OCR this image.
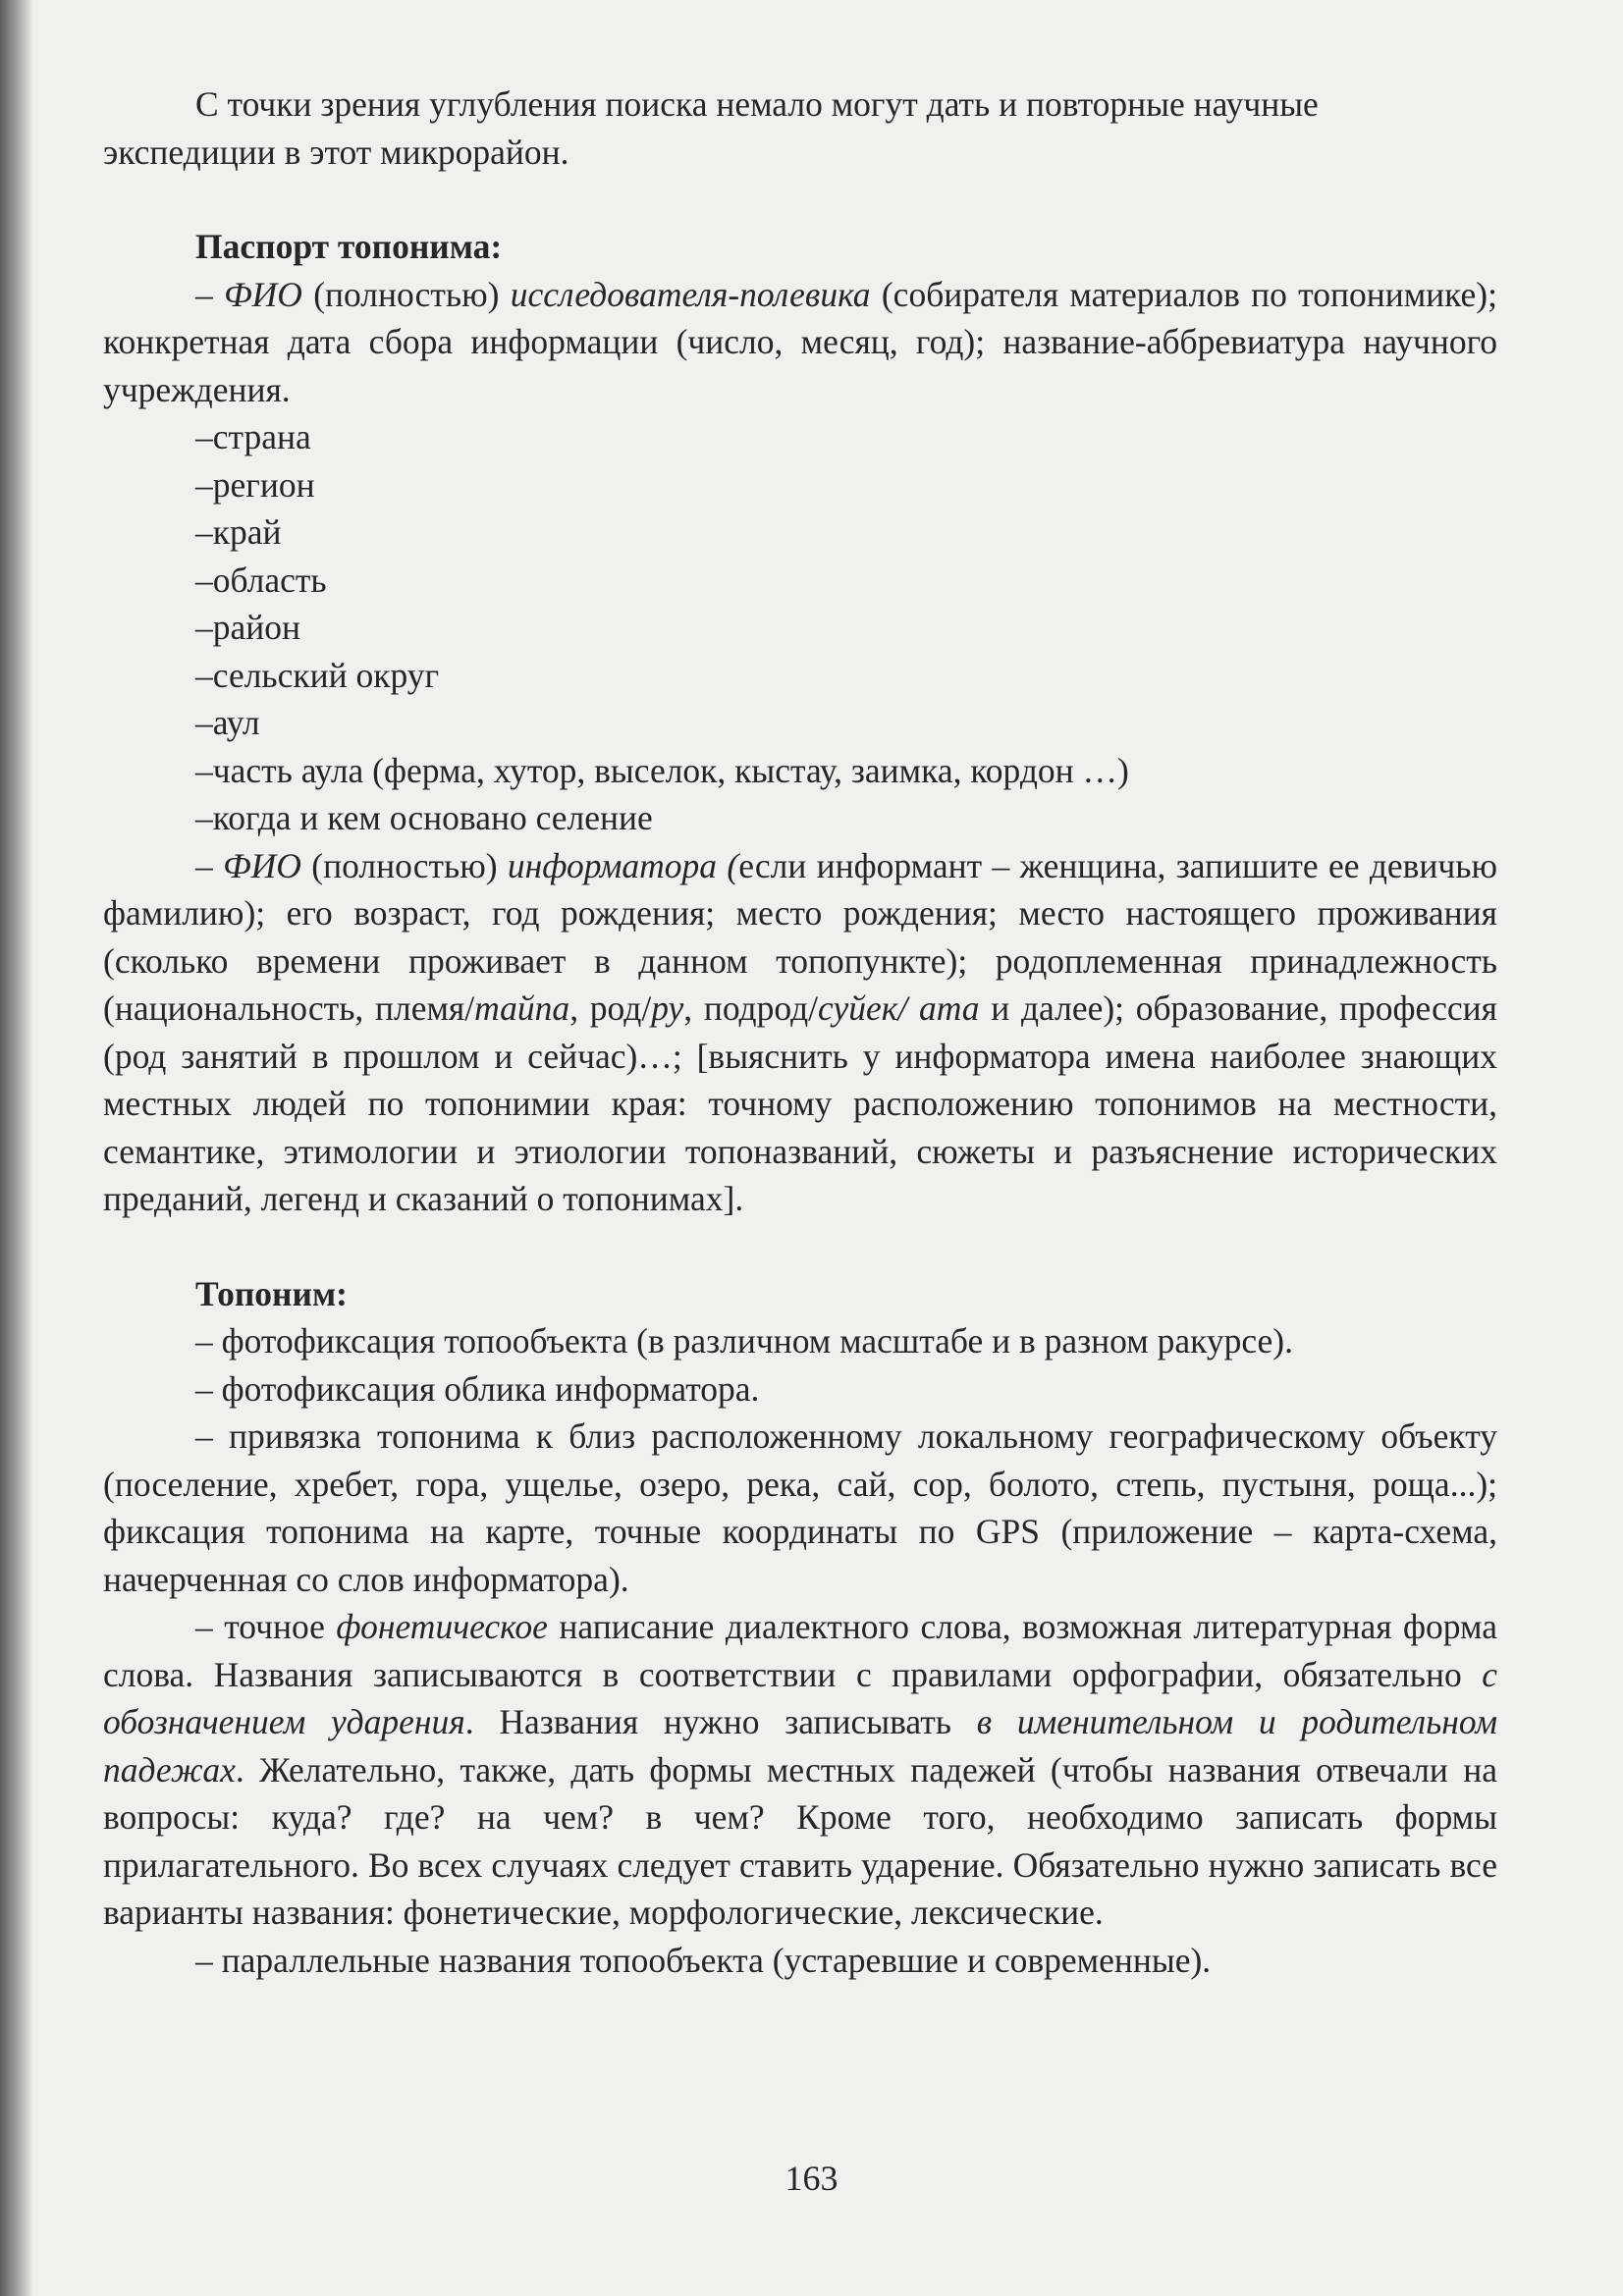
С точки зрения углубления поиска немало могут дать и повторные научные
экспедиции в этот микрорайон.

Паспорт топонима:

– ФИО (полностью) исследователя-полевика (собирателя материалов по топонимике); конкретная дата сбора информации (число, месяц, год); название-аббревиатура научного учреждения.

–страна

–регион

–край

–область

–район

–сельский округ

–аул

–часть аула (ферма, хутор, выселок, кыстау, заимка, кордон …)

–когда и кем основано селение

– ФИО (полностью) информатора (если информант – женщина, запишите ее девичью фамилию); его возраст, год рождения; место рождения; место настоящего проживания (сколько времени проживает в данном топопункте); родоплеменная принадлежность (национальность, племя/тайпа, род/ру, подрод/суйек/ ата и далее); образование, профессия (род занятий в прошлом и сейчас)…; [выяснить у информатора имена наиболее знающих местных людей по топонимии края: точному расположению топонимов на местности, семантике, этимологии и этиологии топоназваний, сюжеты и разъяснение исторических преданий, легенд и сказаний о топонимах].

Топоним:

– фотофиксация топообъекта (в различном масштабе и в разном ракурсе).

– фотофиксация облика информатора.

– привязка топонима к близ расположенному локальному географическому объекту (поселение, хребет, гора, ущелье, озеро, река, сай, сор, болото, степь, пустыня, роща...); фиксация топонима на карте, точные координаты по GPS (приложение – карта-схема, начерченная со слов информатора).

– точное фонетическое написание диалектного слова, возможная литературная форма слова. Названия записываются в соответствии с правилами орфографии, обязательно с обозначением ударения. Названия нужно записывать в именительном и родительном падежах. Желательно, также, дать формы местных падежей (чтобы названия отвечали на вопросы: куда? где? на чем? в чем? Кроме того, необходимо записать формы прилагательного. Во всех случаях следует ставить ударение. Обязательно нужно записать все варианты названия: фонетические, морфологические, лексические.

– параллельные названия топообъекта (устаревшие и современные).

163
